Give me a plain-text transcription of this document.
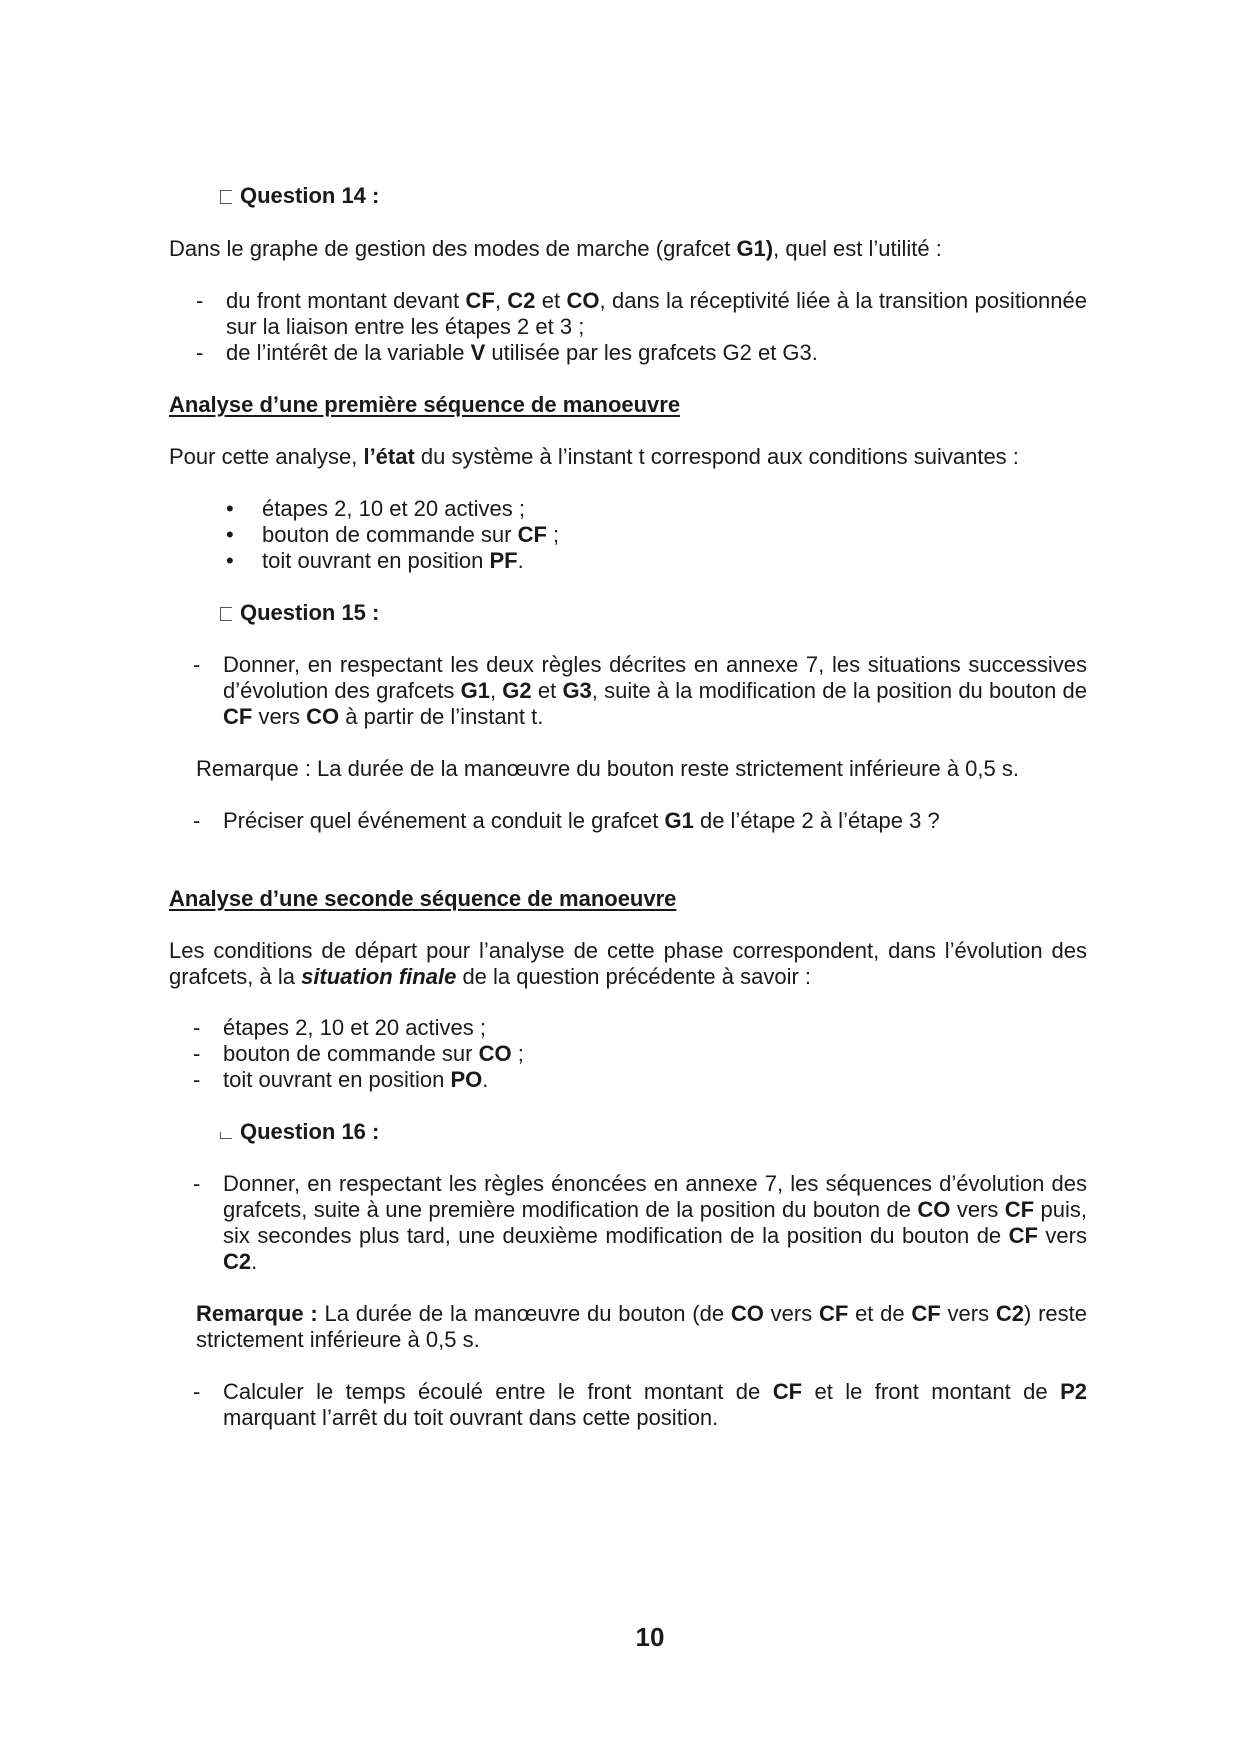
Question 14 :

Dans le graphe de gestion des modes de marche (grafcet G1), quel est l’utilité :

-	du front montant devant CF, C2 et CO, dans la réceptivité liée à la transition positionnée sur la liaison entre les étapes 2 et 3 ;
-	de l’intérêt de la variable V utilisée par les grafcets G2 et G3.
Analyse d’une première séquence de manoeuvre

Pour cette analyse, l’état du système à l’instant t correspond aux conditions suivantes :

• étapes 2, 10 et 20 actives ;
• bouton de commande sur CF ;
• toit ouvrant en position PF.
Question 15 :
-	Donner, en respectant les deux règles décrites en annexe 7, les situations successives d’évolution des grafcets G1, G2 et G3, suite à la modification de la position du bouton de CF vers CO à partir de l’instant t.

Remarque : La durée de la manœuvre du bouton reste strictement inférieure à 0,5 s.

-	Préciser quel événement a conduit le grafcet G1 de l’étape 2 à l’étape 3 ?
Analyse d’une seconde séquence de manoeuvre

Les conditions de départ pour l’analyse de cette phase correspondent, dans l’évolution des grafcets, à la situation finale de la question précédente à savoir :

-	étapes 2, 10 et 20 actives ;
-	bouton de commande sur CO ;
-	toit ouvrant en position PO.
Question 16 :
-	Donner, en respectant les règles énoncées en annexe 7, les séquences d’évolution des grafcets, suite à une première modification de la position du bouton de CO vers CF puis, six secondes plus tard, une deuxième modification de la position du bouton de CF vers C2.

Remarque : La durée de la manœuvre du bouton (de CO vers CF et de CF vers C2) reste strictement inférieure à 0,5 s.

-	Calculer le temps écoulé entre le front montant de CF et le front montant de P2 marquant l’arrêt du toit ouvrant dans cette position.
10
